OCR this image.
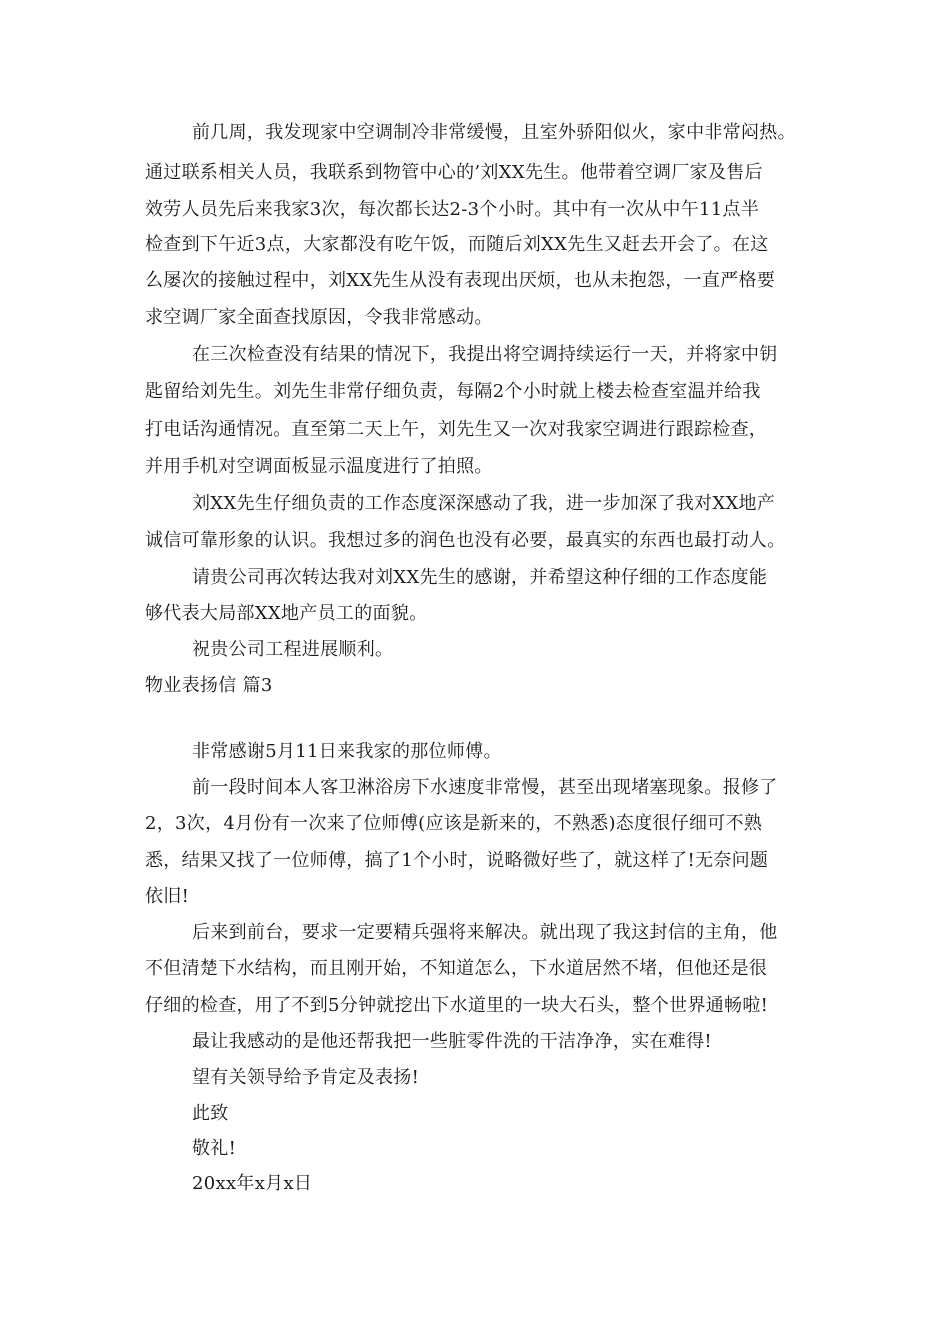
前几周，我发现家中空调制冷非常缓慢，且室外骄阳似火，家中非常闷热。
通过联系相关人员，我联系到物管中心的’刘XX先生。他带着空调厂家及售后
效劳人员先后来我家3次，每次都长达2-3个小时。其中有一次从中午11点半
检查到下午近3点，大家都没有吃午饭，而随后刘XX先生又赶去开会了。在这
么屡次的接触过程中，刘XX先生从没有表现出厌烦，也从未抱怨，一直严格要
求空调厂家全面查找原因，令我非常感动。
在三次检查没有结果的情况下，我提出将空调持续运行一天，并将家中钥
匙留给刘先生。刘先生非常仔细负责，每隔2个小时就上楼去检查室温并给我
打电话沟通情况。直至第二天上午，刘先生又一次对我家空调进行跟踪检查，
并用手机对空调面板显示温度进行了拍照。
刘XX先生仔细负责的工作态度深深感动了我，进一步加深了我对XX地产
诚信可靠形象的认识。我想过多的润色也没有必要，最真实的东西也最打动人。
请贵公司再次转达我对刘XX先生的感谢，并希望这种仔细的工作态度能
够代表大局部XX地产员工的面貌。
祝贵公司工程进展顺利。
物业表扬信 篇3
非常感谢5月11日来我家的那位师傅。
前一段时间本人客卫淋浴房下水速度非常慢，甚至出现堵塞现象。报修了
2，3次，4月份有一次来了位师傅(应该是新来的，不熟悉)态度很仔细可不熟
悉，结果又找了一位师傅，搞了1个小时，说略微好些了，就这样了!无奈问题
依旧!
后来到前台，要求一定要精兵强将来解决。就出现了我这封信的主角，他
不但清楚下水结构，而且刚开始，不知道怎么，下水道居然不堵，但他还是很
仔细的检查，用了不到5分钟就挖出下水道里的一块大石头，整个世界通畅啦!
最让我感动的是他还帮我把一些脏零件洗的干洁净净，实在难得!
望有关领导给予肯定及表扬!
此致
敬礼!
20xx年x月x日
